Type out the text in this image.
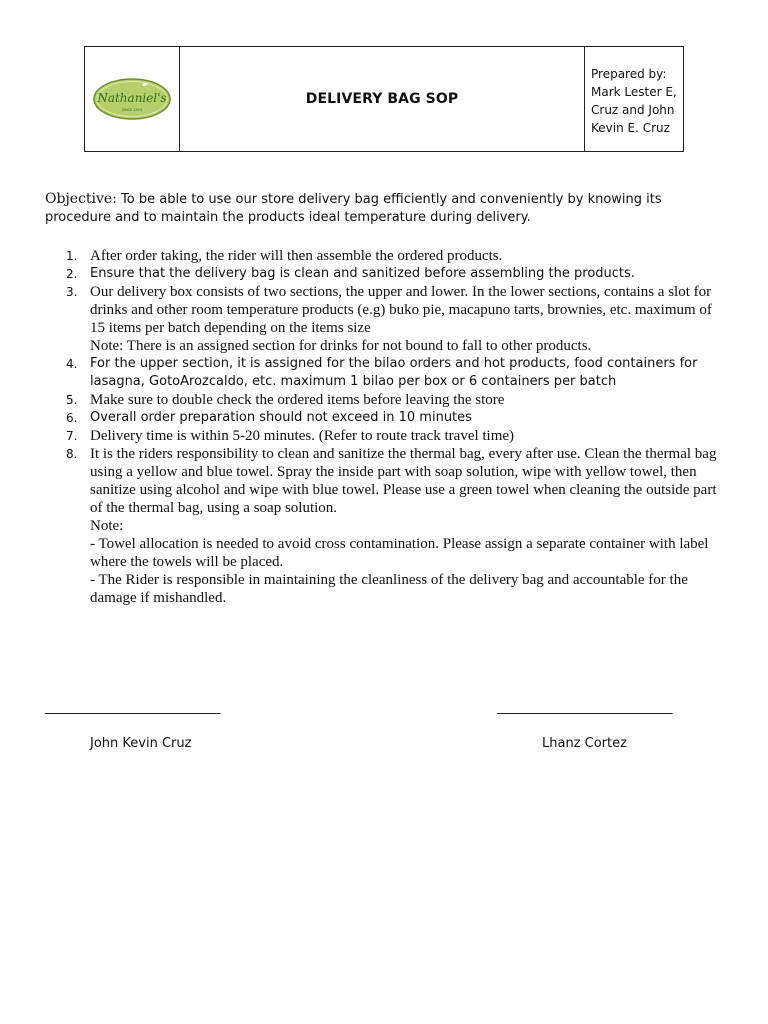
Nathaniel's
SINCE 1974
DELIVERY BAG SOP
Prepared by:
Mark Lester E,
Cruz and John
Kevin E. Cruz
Objective: To be able to use our store delivery bag efficiently and conveniently by knowing its procedure and to maintain the products ideal temperature during delivery.
1. After order taking, the rider will then assemble the ordered products.
2. Ensure that the delivery bag is clean and sanitized before assembling the products.
3. Our delivery box consists of two sections, the upper and lower. In the lower sections, contains a slot for drinks and other room temperature products (e.g) buko pie, macapuno tarts, brownies, etc. maximum of 15 items per batch depending on the items size
Note: There is an assigned section for drinks for not bound to fall to other products.
4. For the upper section, it is assigned for the bilao orders and hot products, food containers for lasagna, GotoArozcaldo, etc. maximum 1 bilao per box or 6 containers per batch
5. Make sure to double check the ordered items before leaving the store
6. Overall order preparation should not exceed in 10 minutes
7. Delivery time is within 5-20 minutes. (Refer to route track travel time)
8. It is the riders responsibility to clean and sanitize the thermal bag, every after use. Clean the thermal bag using a yellow and blue towel. Spray the inside part with soap solution, wipe with yellow towel, then sanitize using alcohol and wipe with blue towel. Please use a green towel when cleaning the outside part of the thermal bag, using a soap solution.
Note:
- Towel allocation is needed to avoid cross contamination. Please assign a separate container with label where the towels will be placed.
- The Rider is responsible in maintaining the cleanliness of the delivery bag and accountable for the damage if mishandled.
___________________________	___________________________
John Kevin Cruz	Lhanz Cortez
